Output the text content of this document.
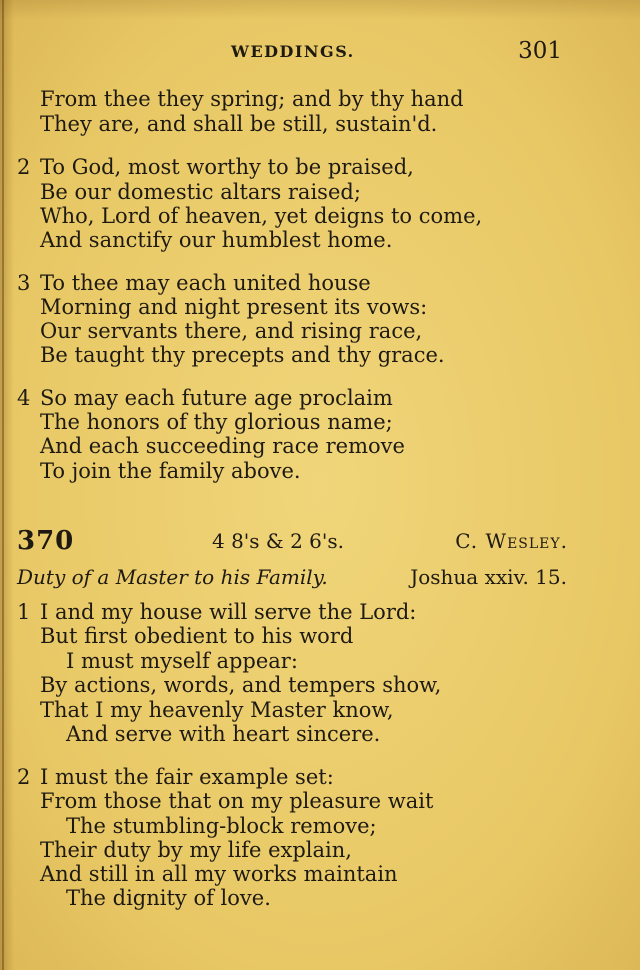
WEDDINGS.	301
From thee they spring; and by thy hand
They are, and shall be still, sustain'd.
2 To God, most worthy to be praised,
Be our domestic altars raised;
Who, Lord of heaven, yet deigns to come,
And sanctify our humblest home.
3 To thee may each united house
Morning and night present its vows:
Our servants there, and rising race,
Be taught thy precepts and thy grace.
4 So may each future age proclaim
The honors of thy glorious name;
And each succeeding race remove
To join the family above.
370	4 8's & 2 6's.	C. Wesley.
Duty of a Master to his Family.	Joshua xxiv. 15.
1 I and my house will serve the Lord:
But first obedient to his word
I must myself appear:
By actions, words, and tempers show,
That I my heavenly Master know,
And serve with heart sincere.
2 I must the fair example set:
From those that on my pleasure wait
The stumbling-block remove;
Their duty by my life explain,
And still in all my works maintain
The dignity of love.
